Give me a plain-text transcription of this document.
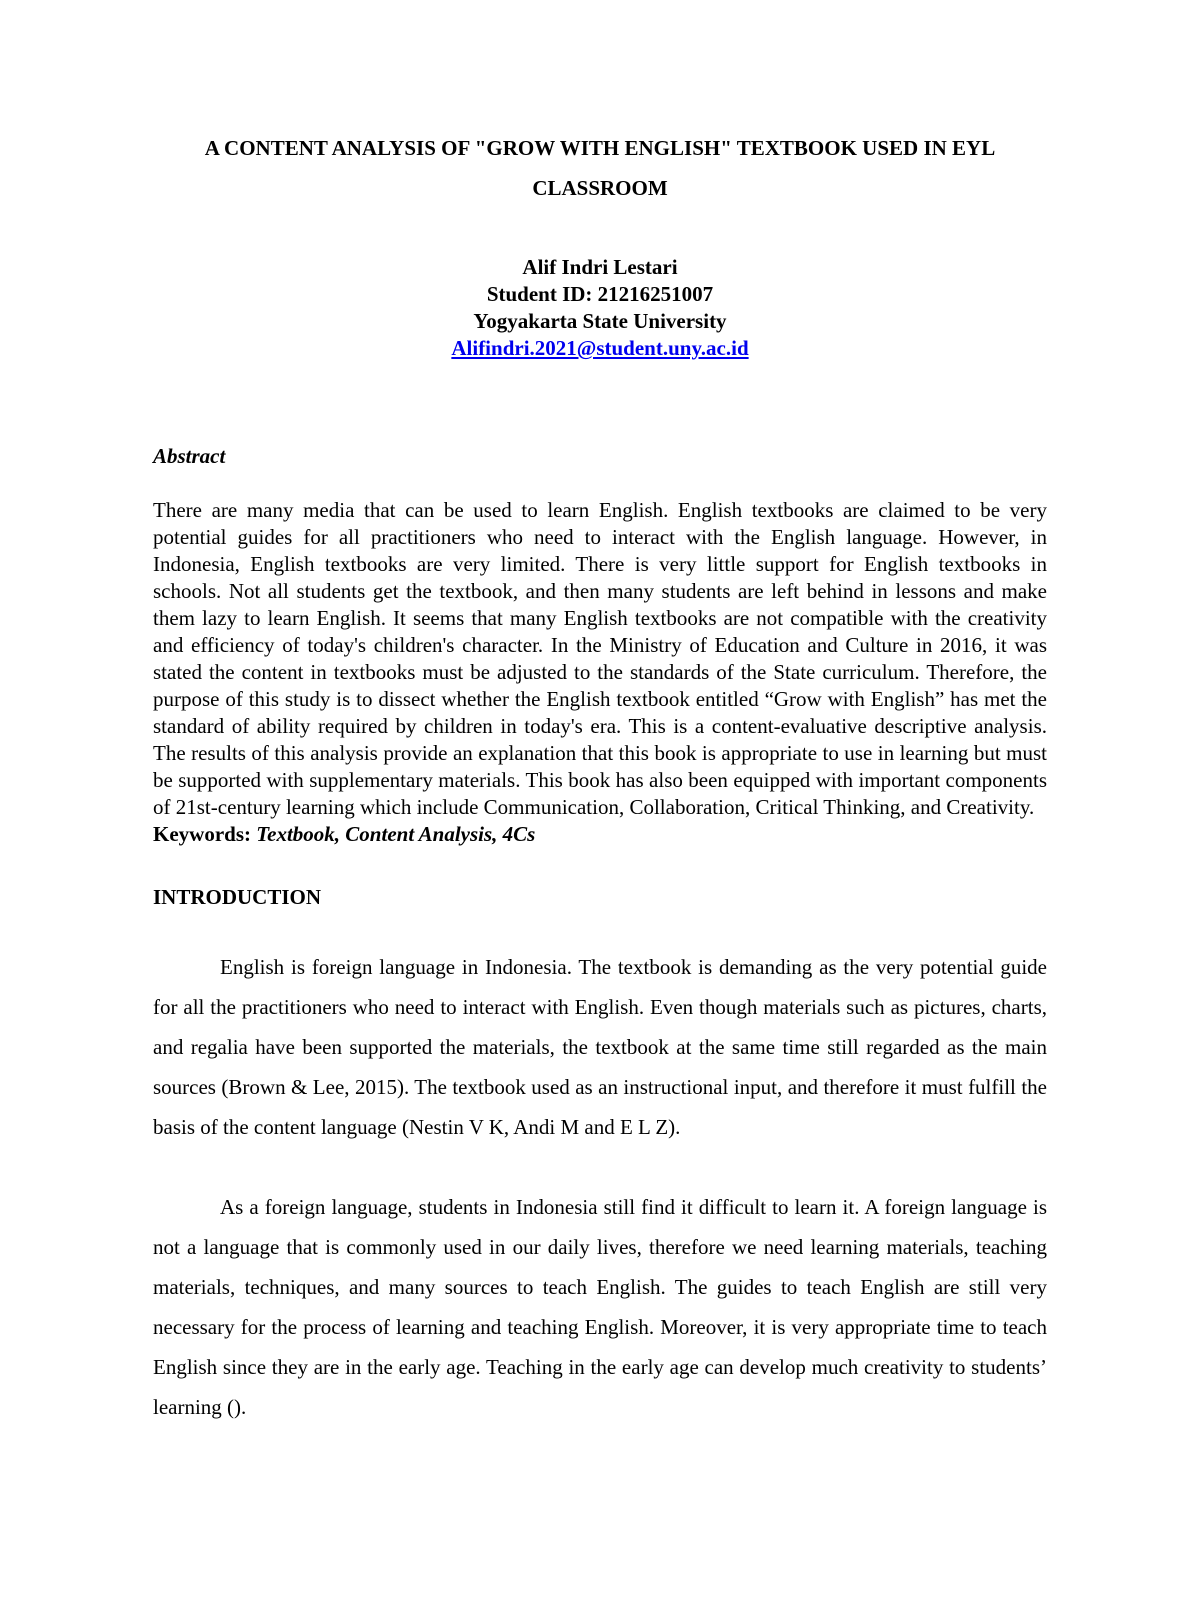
A CONTENT ANALYSIS OF "GROW WITH ENGLISH" TEXTBOOK USED IN EYL CLASSROOM
Alif Indri Lestari
Student ID: 21216251007
Yogyakarta State University
Alifindri.2021@student.uny.ac.id
Abstract
There are many media that can be used to learn English. English textbooks are claimed to be very potential guides for all practitioners who need to interact with the English language. However, in Indonesia, English textbooks are very limited. There is very little support for English textbooks in schools. Not all students get the textbook, and then many students are left behind in lessons and make them lazy to learn English. It seems that many English textbooks are not compatible with the creativity and efficiency of today's children's character. In the Ministry of Education and Culture in 2016, it was stated the content in textbooks must be adjusted to the standards of the State curriculum. Therefore, the purpose of this study is to dissect whether the English textbook entitled “Grow with English” has met the standard of ability required by children in today's era. This is a content-evaluative descriptive analysis. The results of this analysis provide an explanation that this book is appropriate to use in learning but must be supported with supplementary materials. This book has also been equipped with important components of 21st-century learning which include Communication, Collaboration, Critical Thinking, and Creativity.
Keywords: Textbook, Content Analysis, 4Cs
INTRODUCTION

English is foreign language in Indonesia. The textbook is demanding as the very potential guide for all the practitioners who need to interact with English. Even though materials such as pictures, charts, and regalia have been supported the materials, the textbook at the same time still regarded as the main sources (Brown & Lee, 2015). The textbook used as an instructional input, and therefore it must fulfill the basis of the content language (Nestin V K, Andi M and E L Z).

As a foreign language, students in Indonesia still find it difficult to learn it. A foreign language is not a language that is commonly used in our daily lives, therefore we need learning materials, teaching materials, techniques, and many sources to teach English. The guides to teach English are still very necessary for the process of learning and teaching English. Moreover, it is very appropriate time to teach English since they are in the early age. Teaching in the early age can develop much creativity to students’ learning ().
